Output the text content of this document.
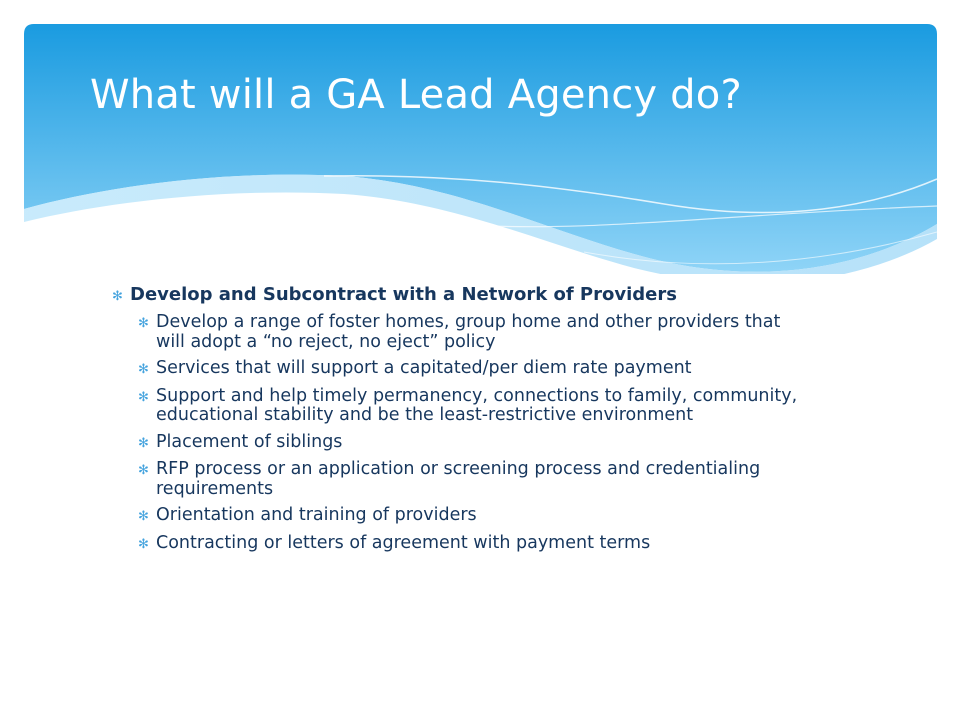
What will a GA Lead Agency do?
✻ Develop and Subcontract with a Network of Providers
✻ Develop a range of foster homes, group home and other providers that will adopt a “no reject, no eject” policy
✻ Services that will support a capitated/per diem rate payment
✻ Support and help timely permanency, connections to family, community, educational stability and be the least-restrictive environment
✻ Placement of siblings
✻ RFP process or an application or screening process and credentialing requirements
✻ Orientation and training of providers
✻ Contracting or letters of agreement with payment terms
